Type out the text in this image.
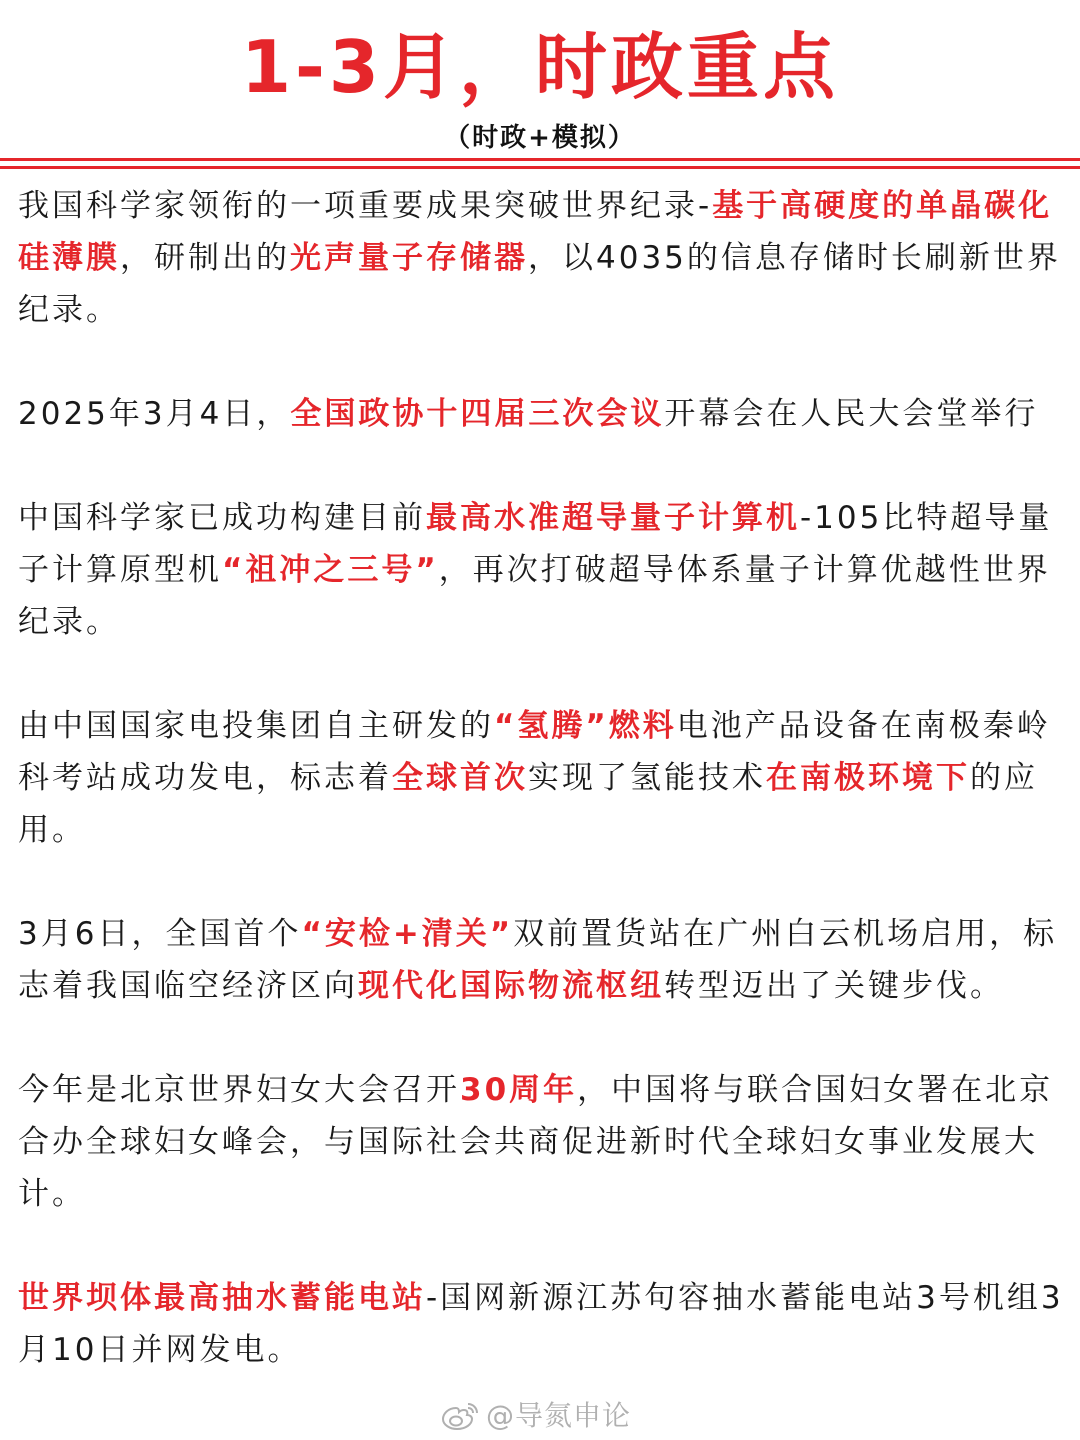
1-3月，时政重点
（时政+模拟）

我国科学家领衔的一项重要成果突破世界纪录-基于高硬度的单晶碳化硅薄膜，研制出的光声量子存储器，以4035的信息存储时长刷新世界纪录。

2025年3月4日，全国政协十四届三次会议开幕会在人民大会堂举行

中国科学家已成功构建目前最高水准超导量子计算机-105比特超导量子计算原型机“祖冲之三号”，再次打破超导体系量子计算优越性世界纪录。

由中国国家电投集团自主研发的“氢腾”燃料电池产品设备在南极秦岭科考站成功发电，标志着全球首次实现了氢能技术在南极环境下的应用。

3月6日，全国首个“安检+清关”双前置货站在广州白云机场启用，标志着我国临空经济区向现代化国际物流枢纽转型迈出了关键步伐。

今年是北京世界妇女大会召开30周年，中国将与联合国妇女署在北京合办全球妇女峰会，与国际社会共商促进新时代全球妇女事业发展大计。

世界坝体最高抽水蓄能电站-国网新源江苏句容抽水蓄能电站3号机组3月10日并网发电。

@导氮申论
